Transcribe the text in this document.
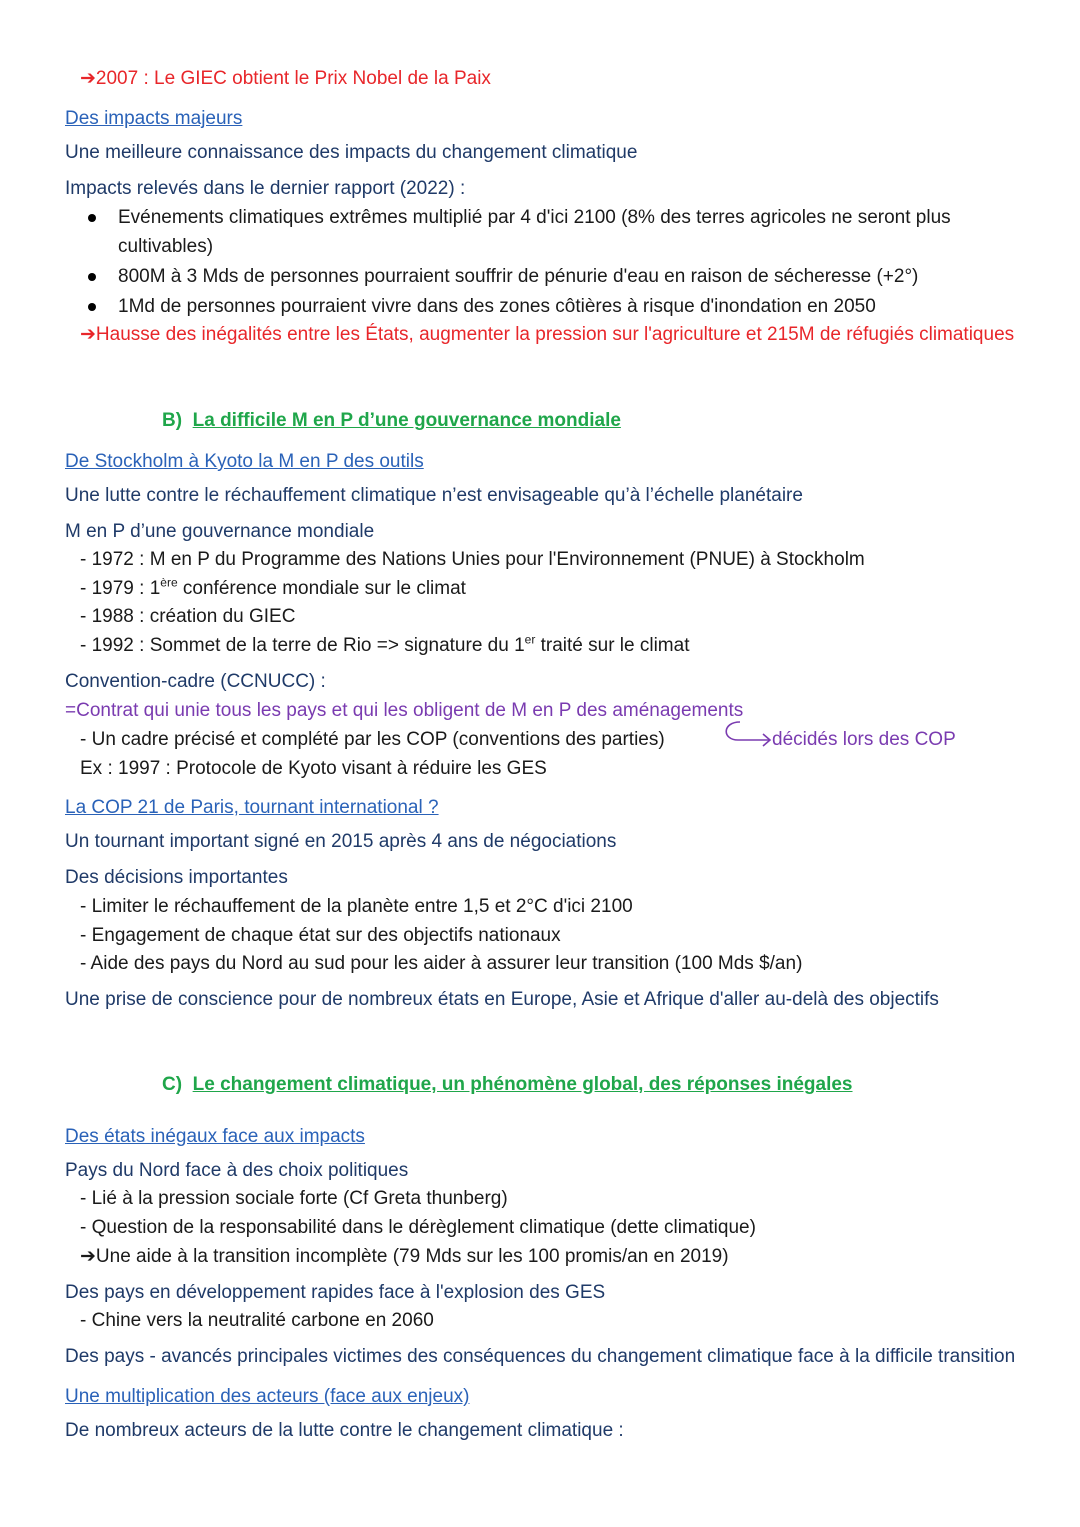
➔2007 : Le GIEC obtient le Prix Nobel de la Paix
Des impacts majeurs
Une meilleure connaissance des impacts du changement climatique
Impacts relevés dans le dernier rapport (2022) :
Evénements climatiques extrêmes multiplié par 4 d'ici 2100 (8% des terres agricoles ne seront plus
cultivables)
800M à 3 Mds de personnes pourraient souffrir de pénurie d'eau en raison de sécheresse (+2°)
1Md de personnes pourraient vivre dans des zones côtières à risque d'inondation en 2050
➔Hausse des inégalités entre les États, augmenter la pression sur l'agriculture et 215M de réfugiés climatiques
B) La difficile M en P d’une gouvernance mondiale
De Stockholm à Kyoto la M en P des outils
Une lutte contre le réchauffement climatique n’est envisageable qu’à l’échelle planétaire
M en P d’une gouvernance mondiale
- 1972 : M en P du Programme des Nations Unies pour l'Environnement (PNUE) à Stockholm
- 1979 : 1ère conférence mondiale sur le climat
- 1988 : création du GIEC
- 1992 : Sommet de la terre de Rio => signature du 1er traité sur le climat
Convention-cadre (CCNUCC) :
=Contrat qui unie tous les pays et qui les obligent de M en P des aménagements
- Un cadre précisé et complété par les COP (conventions des parties)	décidés lors des COP
Ex : 1997 : Protocole de Kyoto visant à réduire les GES
La COP 21 de Paris, tournant international ?
Un tournant important signé en 2015 après 4 ans de négociations
Des décisions importantes
- Limiter le réchauffement de la planète entre 1,5 et 2°C d'ici 2100
- Engagement de chaque état sur des objectifs nationaux
- Aide des pays du Nord au sud pour les aider à assurer leur transition (100 Mds $/an)
Une prise de conscience pour de nombreux états en Europe, Asie et Afrique d'aller au-delà des objectifs
C) Le changement climatique, un phénomène global, des réponses inégales
Des états inégaux face aux impacts
Pays du Nord face à des choix politiques
- Lié à la pression sociale forte (Cf Greta thunberg)
- Question de la responsabilité dans le dérèglement climatique (dette climatique)
➔Une aide à la transition incomplète (79 Mds sur les 100 promis/an en 2019)
Des pays en développement rapides face à l'explosion des GES
- Chine vers la neutralité carbone en 2060
Des pays - avancés principales victimes des conséquences du changement climatique face à la difficile transition
Une multiplication des acteurs (face aux enjeux)
De nombreux acteurs de la lutte contre le changement climatique :
